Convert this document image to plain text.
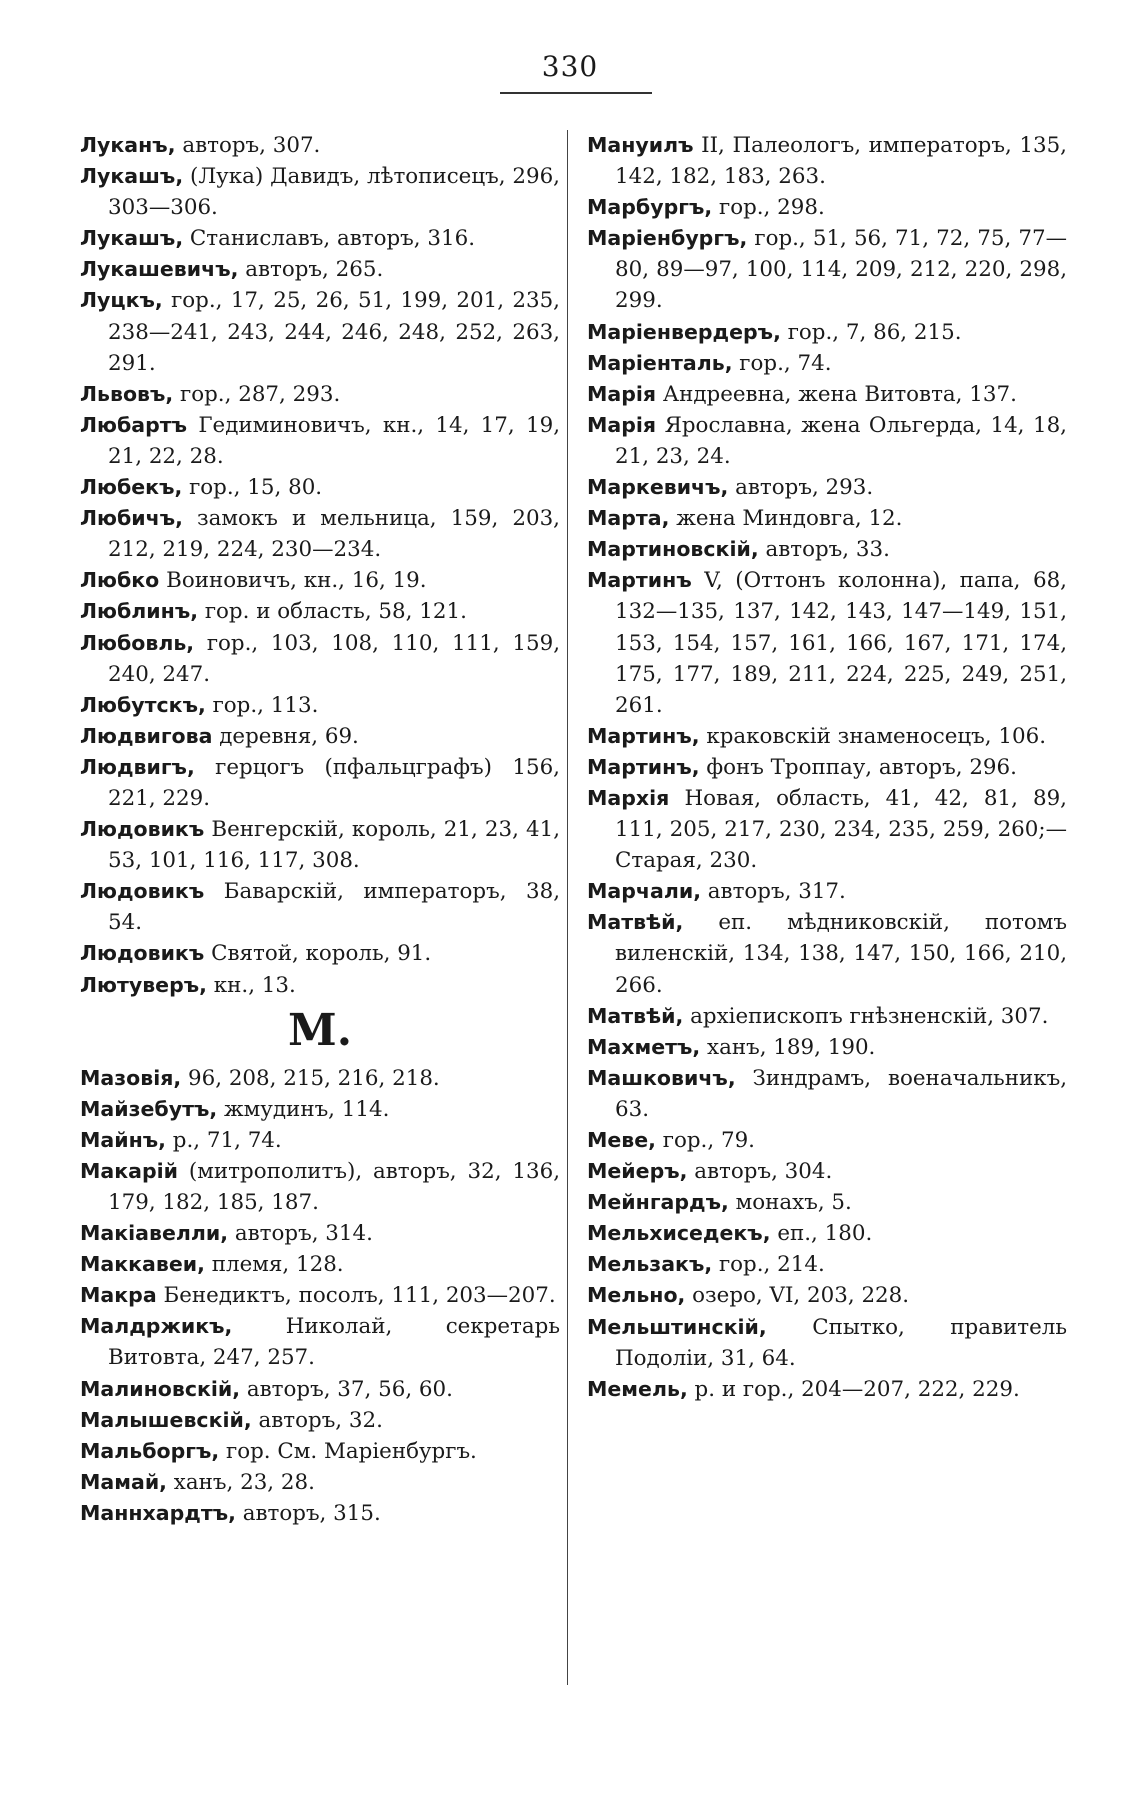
330
Луканъ, авторъ, 307.
Лукашъ, (Лука) Давидъ, лѣтописецъ, 296, 303—306.
Лукашъ, Станиславъ, авторъ, 316.
Лукашевичъ, авторъ, 265.
Луцкъ, гор., 17, 25, 26, 51, 199, 201, 235, 238—241, 243, 244, 246, 248, 252, 263, 291.
Львовъ, гор., 287, 293.
Любартъ Гедиминовичъ, кн., 14, 17, 19, 21, 22, 28.
Любекъ, гор., 15, 80.
Любичъ, замокъ и мельница, 159, 203, 212, 219, 224, 230—234.
Любко Воиновичъ, кн., 16, 19.
Люблинъ, гор. и область, 58, 121.
Любовль, гор., 103, 108, 110, 111, 159, 240, 247.
Любутскъ, гор., 113.
Людвигова деревня, 69.
Людвигъ, герцогъ (пфальцграфъ) 156, 221, 229.
Людовикъ Венгерскій, король, 21, 23, 41, 53, 101, 116, 117, 308.
Людовикъ Баварскій, императоръ, 38, 54.
Людовикъ Святой, король, 91.
Лютуверъ, кн., 13.
М.
Мазовія, 96, 208, 215, 216, 218.
Майзебутъ, жмудинъ, 114.
Майнъ, р., 71, 74.
Макарій (митрополитъ), авторъ, 32, 136, 179, 182, 185, 187.
Макіавелли, авторъ, 314.
Маккавеи, племя, 128.
Макра Бенедиктъ, посолъ, 111, 203—207.
Малдржикъ, Николай, секретарь Витовта, 247, 257.
Малиновскій, авторъ, 37, 56, 60.
Малышевскій, авторъ, 32.
Мальборгъ, гор. См. Маріенбургъ.
Мамай, ханъ, 23, 28.
Маннхардтъ, авторъ, 315.
Мануилъ II, Палеологъ, императоръ, 135, 142, 182, 183, 263.
Марбургъ, гор., 298.
Маріенбургъ, гор., 51, 56, 71, 72, 75, 77—80, 89—97, 100, 114, 209, 212, 220, 298, 299.
Маріенвердеръ, гор., 7, 86, 215.
Маріенталь, гор., 74.
Марія Андреевна, жена Витовта, 137.
Марія Ярославна, жена Ольгерда, 14, 18, 21, 23, 24.
Маркевичъ, авторъ, 293.
Марта, жена Миндовга, 12.
Мартиновскій, авторъ, 33.
Мартинъ V, (Оттонъ колонна), папа, 68, 132—135, 137, 142, 143, 147—149, 151, 153, 154, 157, 161, 166, 167, 171, 174, 175, 177, 189, 211, 224, 225, 249, 251, 261.
Мартинъ, краковскій знаменосецъ, 106.
Мартинъ, фонъ Троппау, авторъ, 296.
Мархія Новая, область, 41, 42, 81, 89, 111, 205, 217, 230, 234, 235, 259, 260;—Старая, 230.
Марчали, авторъ, 317.
Матвѣй, еп. мѣдниковскій, потомъ виленскій, 134, 138, 147, 150, 166, 210, 266.
Матвѣй, архіепископъ гнѣзненскій, 307.
Махметъ, ханъ, 189, 190.
Машковичъ, Зиндрамъ, военачальникъ, 63.
Меве, гор., 79.
Мейеръ, авторъ, 304.
Мейнгардъ, монахъ, 5.
Мельхиседекъ, еп., 180.
Мельзакъ, гор., 214.
Мельно, озеро, VI, 203, 228.
Мельштинскій, Спытко, правитель Подоліи, 31, 64.
Мемель, р. и гор., 204—207, 222, 229.
